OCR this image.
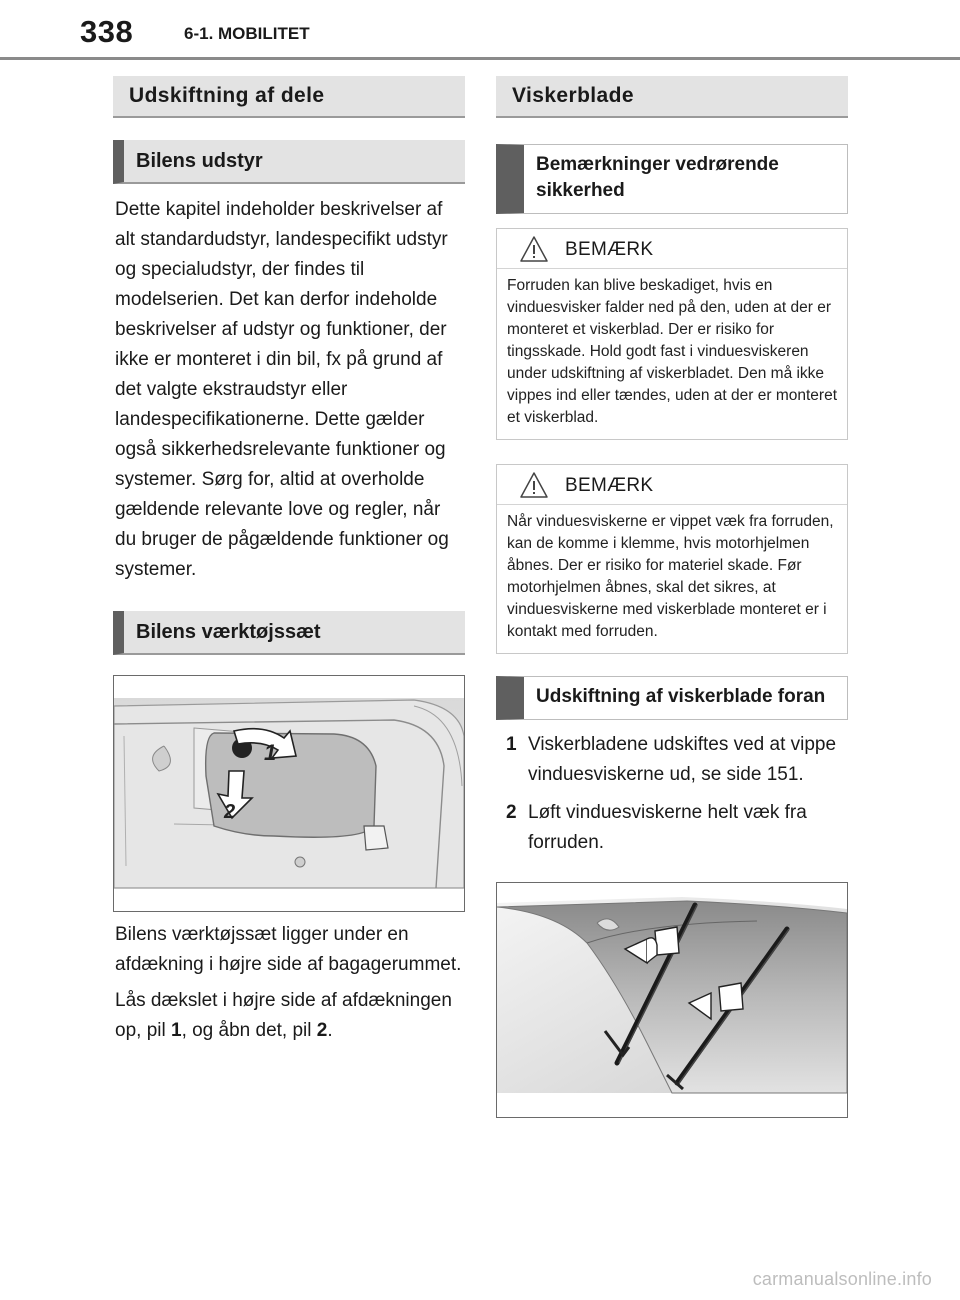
338	6-1. MOBILITET
Udskiftning af dele
Bilens udstyr

Dette kapitel indeholder beskrivelser af alt standardudstyr, landespecifikt udstyr og specialudstyr, der findes til modelserien. Det kan derfor indeholde beskrivelser af udstyr og funktioner, der ikke er monteret i din bil, fx på grund af det valgte ekstraudstyr eller landespecifikationerne. Dette gælder også sikkerhedsrelevante funktioner og systemer. Sørg for, altid at overholde gældende relevante love og regler, når du bruger de pågældende funktioner og systemer.

Bilens værktøjssæt
1
2

Bilens værktøjssæt ligger under en afdækning i højre side af bagagerummet.

Lås dækslet i højre side af afdækningen op, pil 1, og åbn det, pil 2.

Viskerblade
Bemærkninger vedrørende sikkerhed
BEMÆRK
Forruden kan blive beskadiget, hvis en vinduesvisker falder ned på den, uden at der er monteret et viskerblad. Der er risiko for tingsskade. Hold godt fast i vinduesviskeren under udskiftning af viskerbladet. Den må ikke vippes ind eller tændes, uden at der er monteret et viskerblad.
BEMÆRK
Når vinduesviskerne er vippet væk fra forruden, kan de komme i klemme, hvis motorhjelmen åbnes. Der er risiko for materiel skade. Før motorhjelmen åbnes, skal det sikres, at vinduesviskerne med viskerblade monteret er i kontakt med forruden.
Udskiftning af viskerblade foran
1 Viskerbladene udskiftes ved at vippe vinduesviskerne ud, se side 151.
2 Løft vinduesviskerne helt væk fra forruden.
carmanualsonline.info
